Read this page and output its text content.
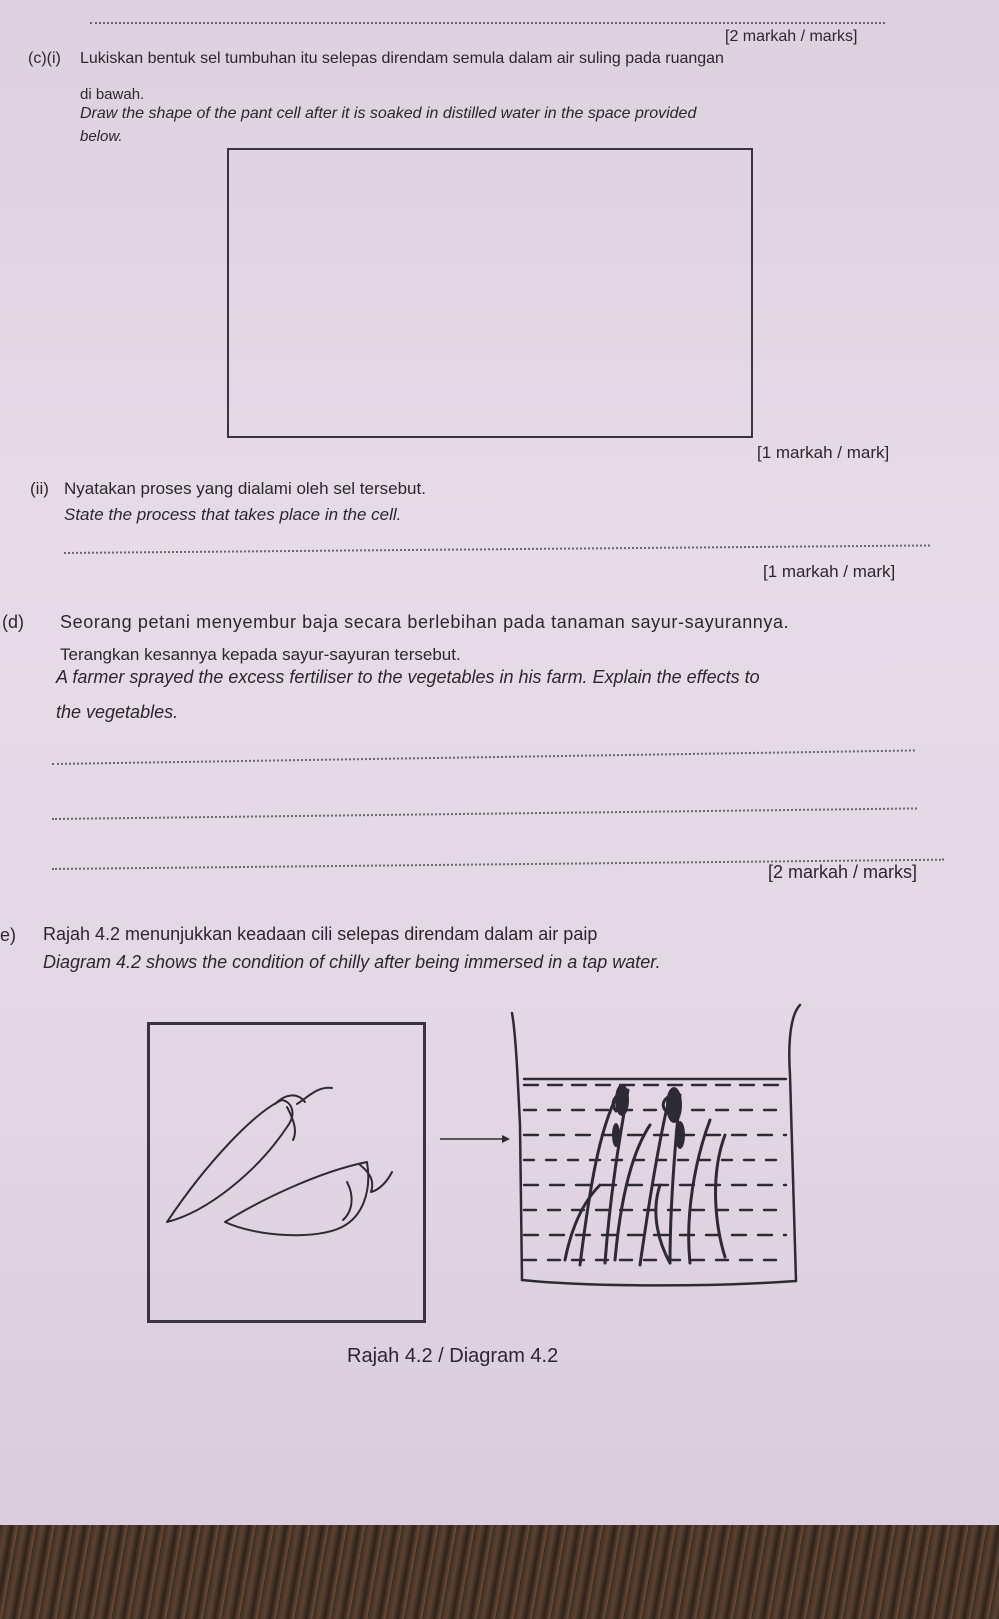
[2 markah / marks]

(c)(i) Lukiskan bentuk sel tumbuhan itu selepas direndam semula dalam air suling pada ruangan

di bawah.

Draw the shape of the pant cell after it is soaked in distilled water in the space provided

below.

[1 markah / mark]

(ii) Nyatakan proses yang dialami oleh sel tersebut.

State the process that takes place in the cell.

[1 markah / mark]

(d) Seorang petani menyembur baja secara berlebihan pada tanaman sayur-sayurannya.

Terangkan kesannya kepada sayur-sayuran tersebut.

A farmer sprayed the excess fertiliser to the vegetables in his farm. Explain the effects to

the vegetables.

[2 markah / marks]

e) Rajah 4.2 menunjukkan keadaan cili selepas direndam dalam air paip

Diagram 4.2 shows the condition of chilly after being immersed in a tap water.

Rajah 4.2 / Diagram 4.2
